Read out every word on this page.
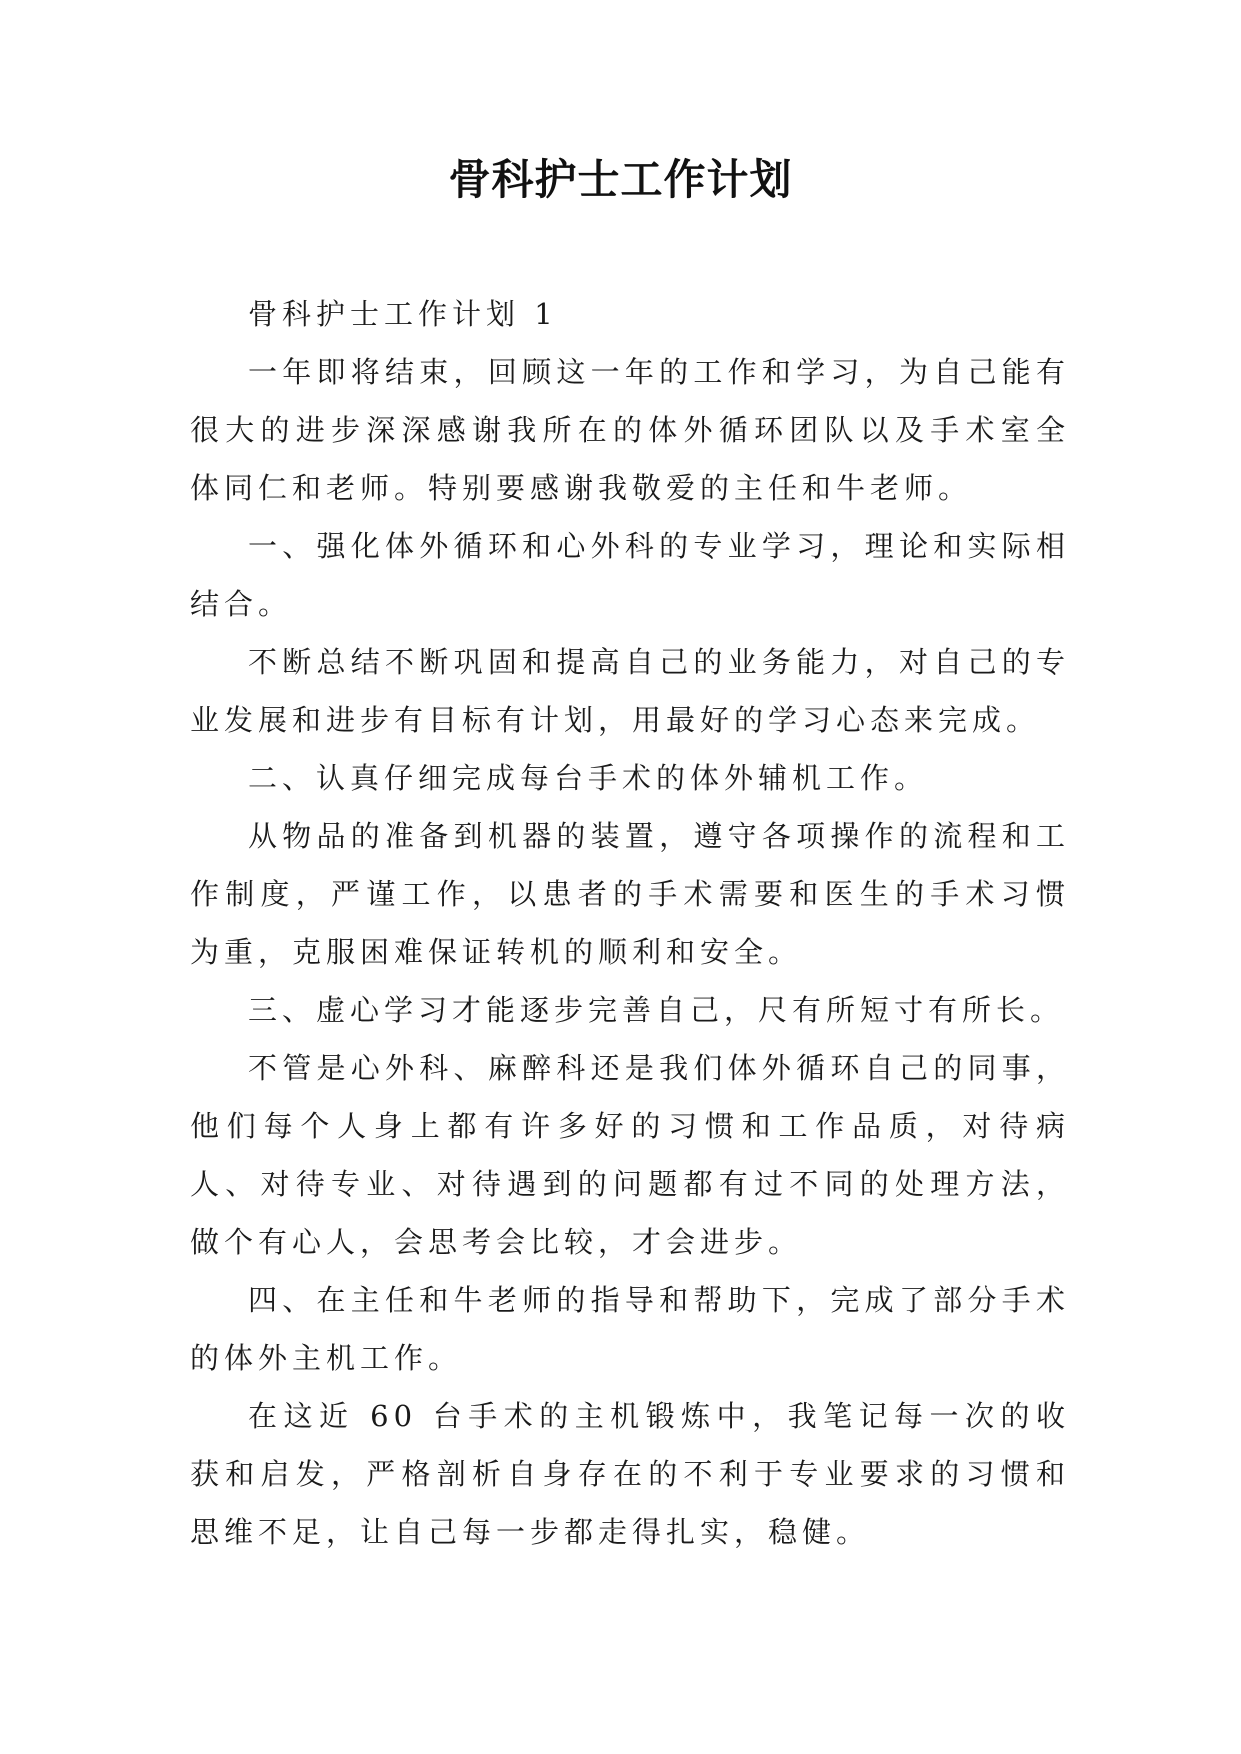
骨科护士工作计划

骨科护士工作计划 1

一年即将结束，回顾这一年的工作和学习，为自己能有很大的进步深深感谢我所在的体外循环团队以及手术室全体同仁和老师。特别要感谢我敬爱的主任和牛老师。

一、强化体外循环和心外科的专业学习，理论和实际相结合。

不断总结不断巩固和提高自己的业务能力，对自己的专业发展和进步有目标有计划，用最好的学习心态来完成。

二、认真仔细完成每台手术的体外辅机工作。

从物品的准备到机器的装置，遵守各项操作的流程和工作制度，严谨工作，以患者的手术需要和医生的手术习惯为重，克服困难保证转机的顺利和安全。

三、虚心学习才能逐步完善自己，尺有所短寸有所长。

不管是心外科、麻醉科还是我们体外循环自己的同事，他们每个人身上都有许多好的习惯和工作品质，对待病人、对待专业、对待遇到的问题都有过不同的处理方法，做个有心人，会思考会比较，才会进步。

四、在主任和牛老师的指导和帮助下，完成了部分手术的体外主机工作。

在这近 60 台手术的主机锻炼中，我笔记每一次的收获和启发，严格剖析自身存在的不利于专业要求的习惯和思维不足，让自己每一步都走得扎实，稳健。
